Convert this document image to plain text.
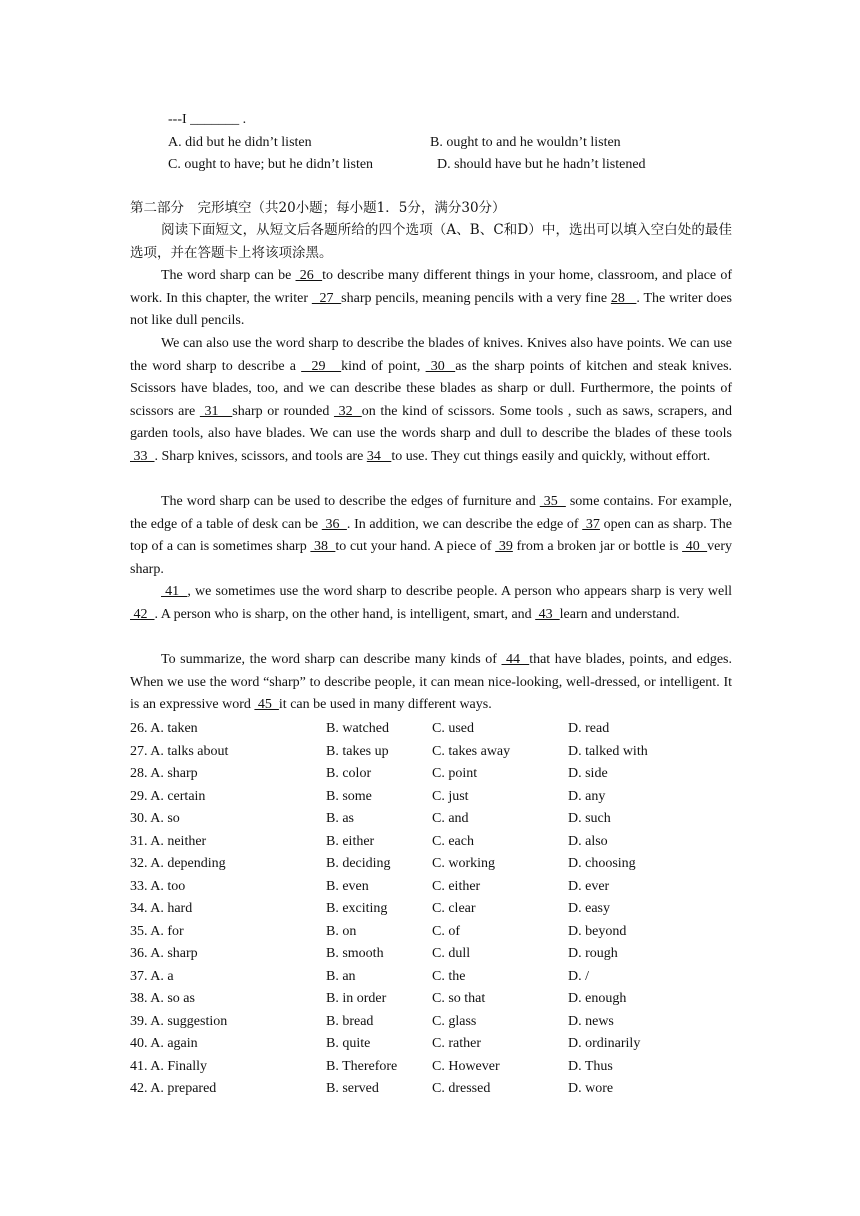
---I _______ .
A. did but he didn’t listen	B. ought to and he wouldn’t listen
C. ought to have; but he didn’t listen	D. should have but he hadn’t listened
第二部分　完形填空（共20小题；每小题1．5分，满分30分）
阅读下面短文，从短文后各题所给的四个选项（A、B、C和D）中，选出可以填入空白处的最佳选项，并在答题卡上将该项涂黑。
The word sharp can be  26  to describe many different things in your home, classroom, and place of work. In this chapter, the writer   27  sharp pencils, meaning pencils with a very fine 28   . The writer does not like dull pencils.
We can also use the word sharp to describe the blades of knives. Knives also have points. We can use the word sharp to describe a   29   kind of point,  30  as the sharp points of kitchen and steak knives. Scissors have blades, too, and we can describe these blades as sharp or dull. Furthermore, the points of scissors are  31   sharp or rounded  32  on the kind of scissors. Some tools , such as saws, scrapers, and garden tools, also have blades. We can use the words sharp and dull to describe the blades of these tools  33  . Sharp knives, scissors, and tools are 34   to use. They cut things easily and quickly, without effort.
The word sharp can be used to describe the edges of furniture and  35   some contains. For example, the edge of a table of desk can be  36  . In addition, we can describe the edge of  37 open can as sharp. The top of a can is sometimes sharp  38  to cut your hand. A piece of  39 from a broken jar or bottle is  40  very sharp.
41  , we sometimes use the word sharp to describe people. A person who appears sharp is very well  42  . A person who is sharp, on the other hand, is intelligent, smart, and  43  learn and understand.
To summarize, the word sharp can describe many kinds of  44  that have blades, points, and edges. When we use the word “sharp” to describe people, it can mean nice-looking, well-dressed, or intelligent. It is an expressive word  45  it can be used in many different ways.
26. A. taken	B. watched	C. used	D. read
27. A. talks about	B. takes up	C. takes away	D. talked with
28. A. sharp	B. color	C. point	D. side
29. A. certain	B. some	C. just	D. any
30. A. so	B. as	C. and	D. such
31. A. neither	B. either	C. each	D. also
32. A. depending	B. deciding	C. working	D. choosing
33. A. too	B. even	C. either	D. ever
34. A. hard	B. exciting	C. clear	D. easy
35. A. for	B. on	C. of	D. beyond
36. A. sharp	B. smooth	C. dull	D. rough
37. A. a	B. an	C. the	D. /
38. A. so as	B. in order	C. so that	D. enough
39. A. suggestion	B. bread	C. glass	D. news
40. A. again	B. quite	C. rather	D. ordinarily
41. A. Finally	B. Therefore C. However	D. Thus
42. A. prepared	B. served	C. dressed	D. wore
